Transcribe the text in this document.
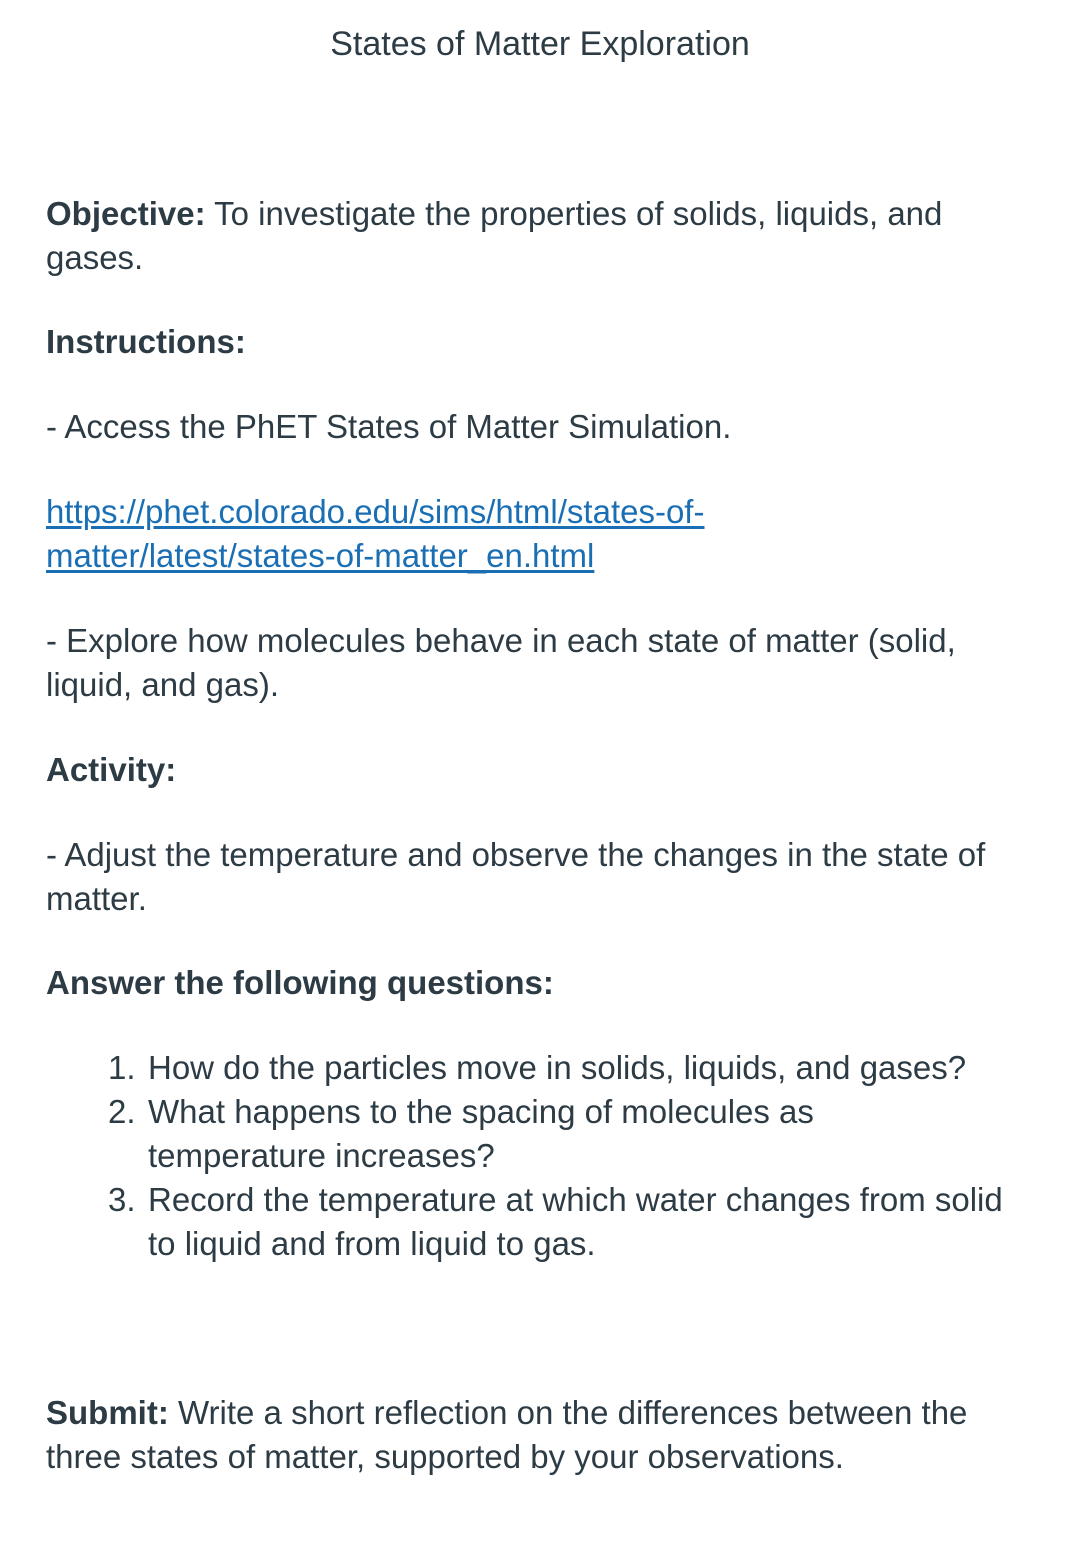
States of Matter Exploration

Objective: To investigate the properties of solids, liquids, and gases.

Instructions:

- Access the PhET States of Matter Simulation.

https://phet.colorado.edu/sims/html/states-of-
matter/latest/states-of-matter_en.html

- Explore how molecules behave in each state of matter (solid, liquid, and gas).

Activity:

- Adjust the temperature and observe the changes in the state of matter.

Answer the following questions:

1. How do the particles move in solids, liquids, and gases?
2. What happens to the spacing of molecules as temperature increases?
3. Record the temperature at which water changes from solid to liquid and from liquid to gas.

Submit: Write a short reflection on the differences between the three states of matter, supported by your observations.
